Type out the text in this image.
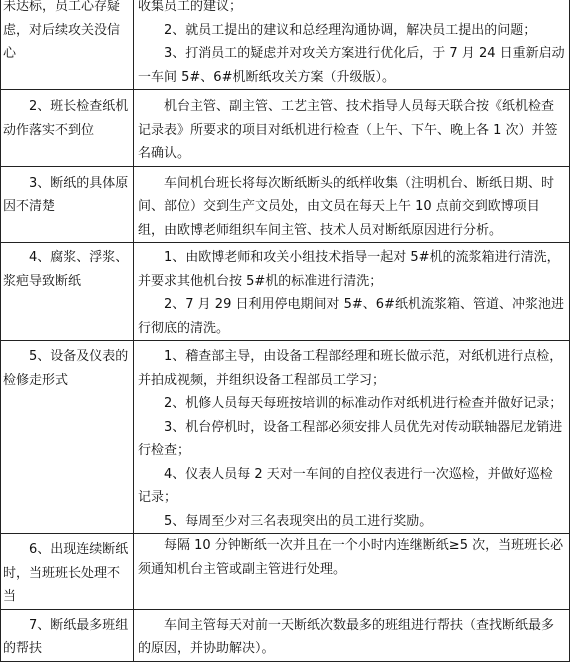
未达标，员工心存疑虑，对后续攻关没信心	收集员工的建议；

2、就员工提出的建议和总经理沟通协调，解决员工提出的问题；

3、打消员工的疑虑并对攻关方案进行优化后，于 7 月 24 日重新启动一车间 5#、6#机断纸攻关方案（升级版）。

2、班长检查纸机动作落实不到位	机台主管、副主管、工艺主管、技术指导人员每天联合按《纸机检查记录表》所要求的项目对纸机进行检查（上午、下午、晚上各 1 次）并签名确认。

3、断纸的具体原因不清楚	车间机台班长将每次断纸断头的纸样收集（注明机台、断纸日期、时间、部位）交到生产文员处，由文员在每天上午 10 点前交到欧博项目组，由欧博老师组织车间主管、技术人员对断纸原因进行分析。

4、腐浆、浮浆、浆疤导致断纸	1、由欧博老师和攻关小组技术指导一起对 5#机的流浆箱进行清洗，并要求其他机台按 5#机的标准进行清洗；

2、7 月 29 日利用停电期间对 5#、6#纸机流浆箱、管道、冲浆池进行彻底的清洗。

5、设备及仪表的检修走形式	1、稽查部主导，由设备工程部经理和班长做示范，对纸机进行点检，并拍成视频，并组织设备工程部员工学习；

2、机修人员每天每班按培训的标准动作对纸机进行检查并做好记录；

3、机台停机时，设备工程部必须安排人员优先对传动联轴器尼龙销进行检查；

4、仪表人员每 2 天对一车间的自控仪表进行一次巡检，并做好巡检记录；

5、每周至少对三名表现突出的员工进行奖励。

6、出现连续断纸时，当班班长处理不当	每隔 10 分钟断纸一次并且在一个小时内连继断纸≥5 次，当班班长必须通知机台主管或副主管进行处理。

7、断纸最多班组的帮扶	车间主管每天对前一天断纸次数最多的班组进行帮扶（查找断纸最多的原因，并协助解决）。
